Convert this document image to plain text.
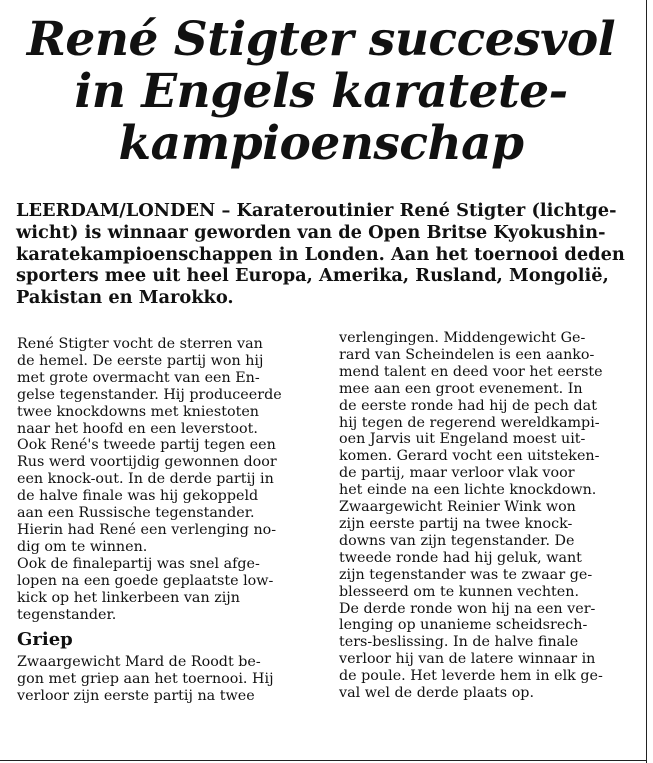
René Stigter succesvol
in Engels karatete-
kampioenschap
LEERDAM/LONDEN – Karateroutinier René Stigter (lichtge-
wicht) is winnaar geworden van de Open Britse Kyokushin-
karatekampioenschappen in Londen. Aan het toernooi deden
sporters mee uit heel Europa, Amerika, Rusland, Mongolië,
Pakistan en Marokko.
René Stigter vocht de sterren van
de hemel. De eerste partij won hij
met grote overmacht van een En-
gelse tegenstander. Hij produceerde
twee knockdowns met kniestoten
naar het hoofd en een leverstoot.
Ook René's tweede partij tegen een
Rus werd voortijdig gewonnen door
een knock-out. In de derde partij in
de halve finale was hij gekoppeld
aan een Russische tegenstander.
Hierin had René een verlenging no-
dig om te winnen.
Ook de finalepartij was snel afge-
lopen na een goede geplaatste low-
kick op het linkerbeen van zijn
tegenstander.
Griep
Zwaargewicht Mard de Roodt be-
gon met griep aan het toernooi. Hij
verloor zijn eerste partij na twee
verlengingen. Middengewicht Ge-
rard van Scheindelen is een aanko-
mend talent en deed voor het eerste
mee aan een groot evenement. In
de eerste ronde had hij de pech dat
hij tegen de regerend wereldkampi-
oen Jarvis uit Engeland moest uit-
komen. Gerard vocht een uitsteken-
de partij, maar verloor vlak voor
het einde na een lichte knockdown.
Zwaargewicht Reinier Wink won
zijn eerste partij na twee knock-
downs van zijn tegenstander. De
tweede ronde had hij geluk, want
zijn tegenstander was te zwaar ge-
blesseerd om te kunnen vechten.
De derde ronde won hij na een ver-
lenging op unanieme scheidsrech-
ters-beslissing. In de halve finale
verloor hij van de latere winnaar in
de poule. Het leverde hem in elk ge-
val wel de derde plaats op.
